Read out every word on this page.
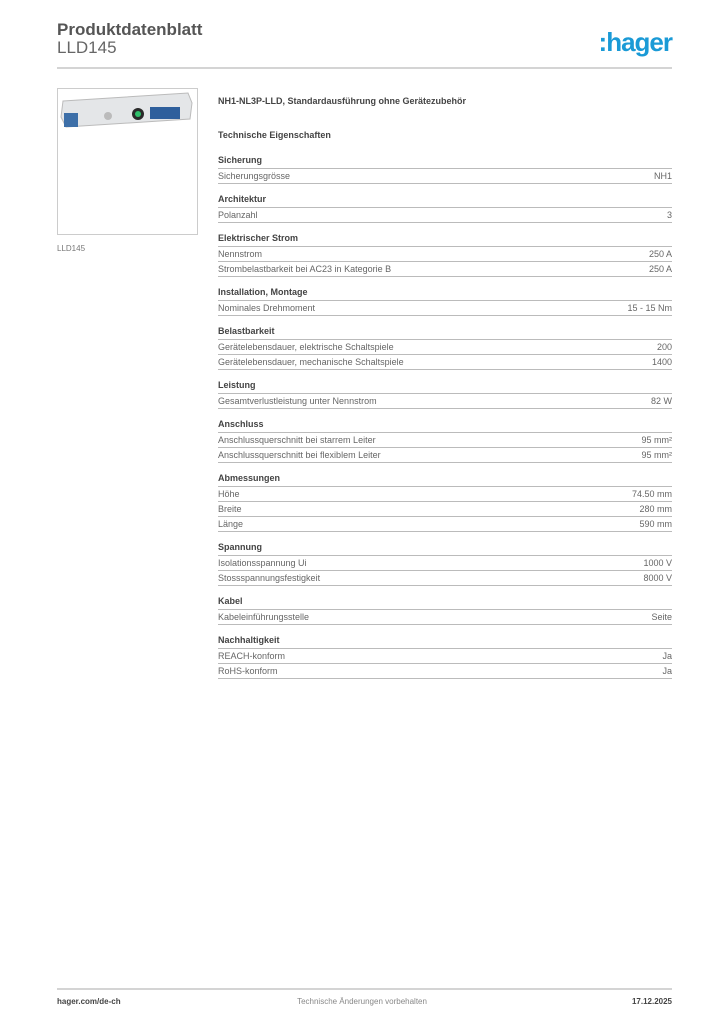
Produktdatenblatt
LLD145	:hager
LLD145
NH1-NL3P-LLD, Standardausführung ohne Gerätezubehör
Technische Eigenschaften
Sicherung
Sicherungsgrösse	NH1
Architektur
Polanzahl	3
Elektrischer Strom
Nennstrom	250 A
Strombelastbarkeit bei AC23 in Kategorie B	250 A
Installation, Montage
Nominales Drehmoment	15 - 15 Nm
Belastbarkeit
Gerätelebensdauer, elektrische Schaltspiele	200
Gerätelebensdauer, mechanische Schaltspiele	1400
Leistung
Gesamtverlustleistung unter Nennstrom	82 W
Anschluss
Anschlussquerschnitt bei starrem Leiter	95 mm²
Anschlussquerschnitt bei flexiblem Leiter	95 mm²
Abmessungen
Höhe	74.50 mm
Breite	280 mm
Länge	590 mm
Spannung
Isolationsspannung Ui	1000 V
Stossspannungsfestigkeit	8000 V
Kabel
Kabeleinführungsstelle	Seite
Nachhaltigkeit
REACH-konform	Ja
RoHS-konform	Ja
Technische Änderungen vorbehalten
hager.com/de-ch	17.12.2025
